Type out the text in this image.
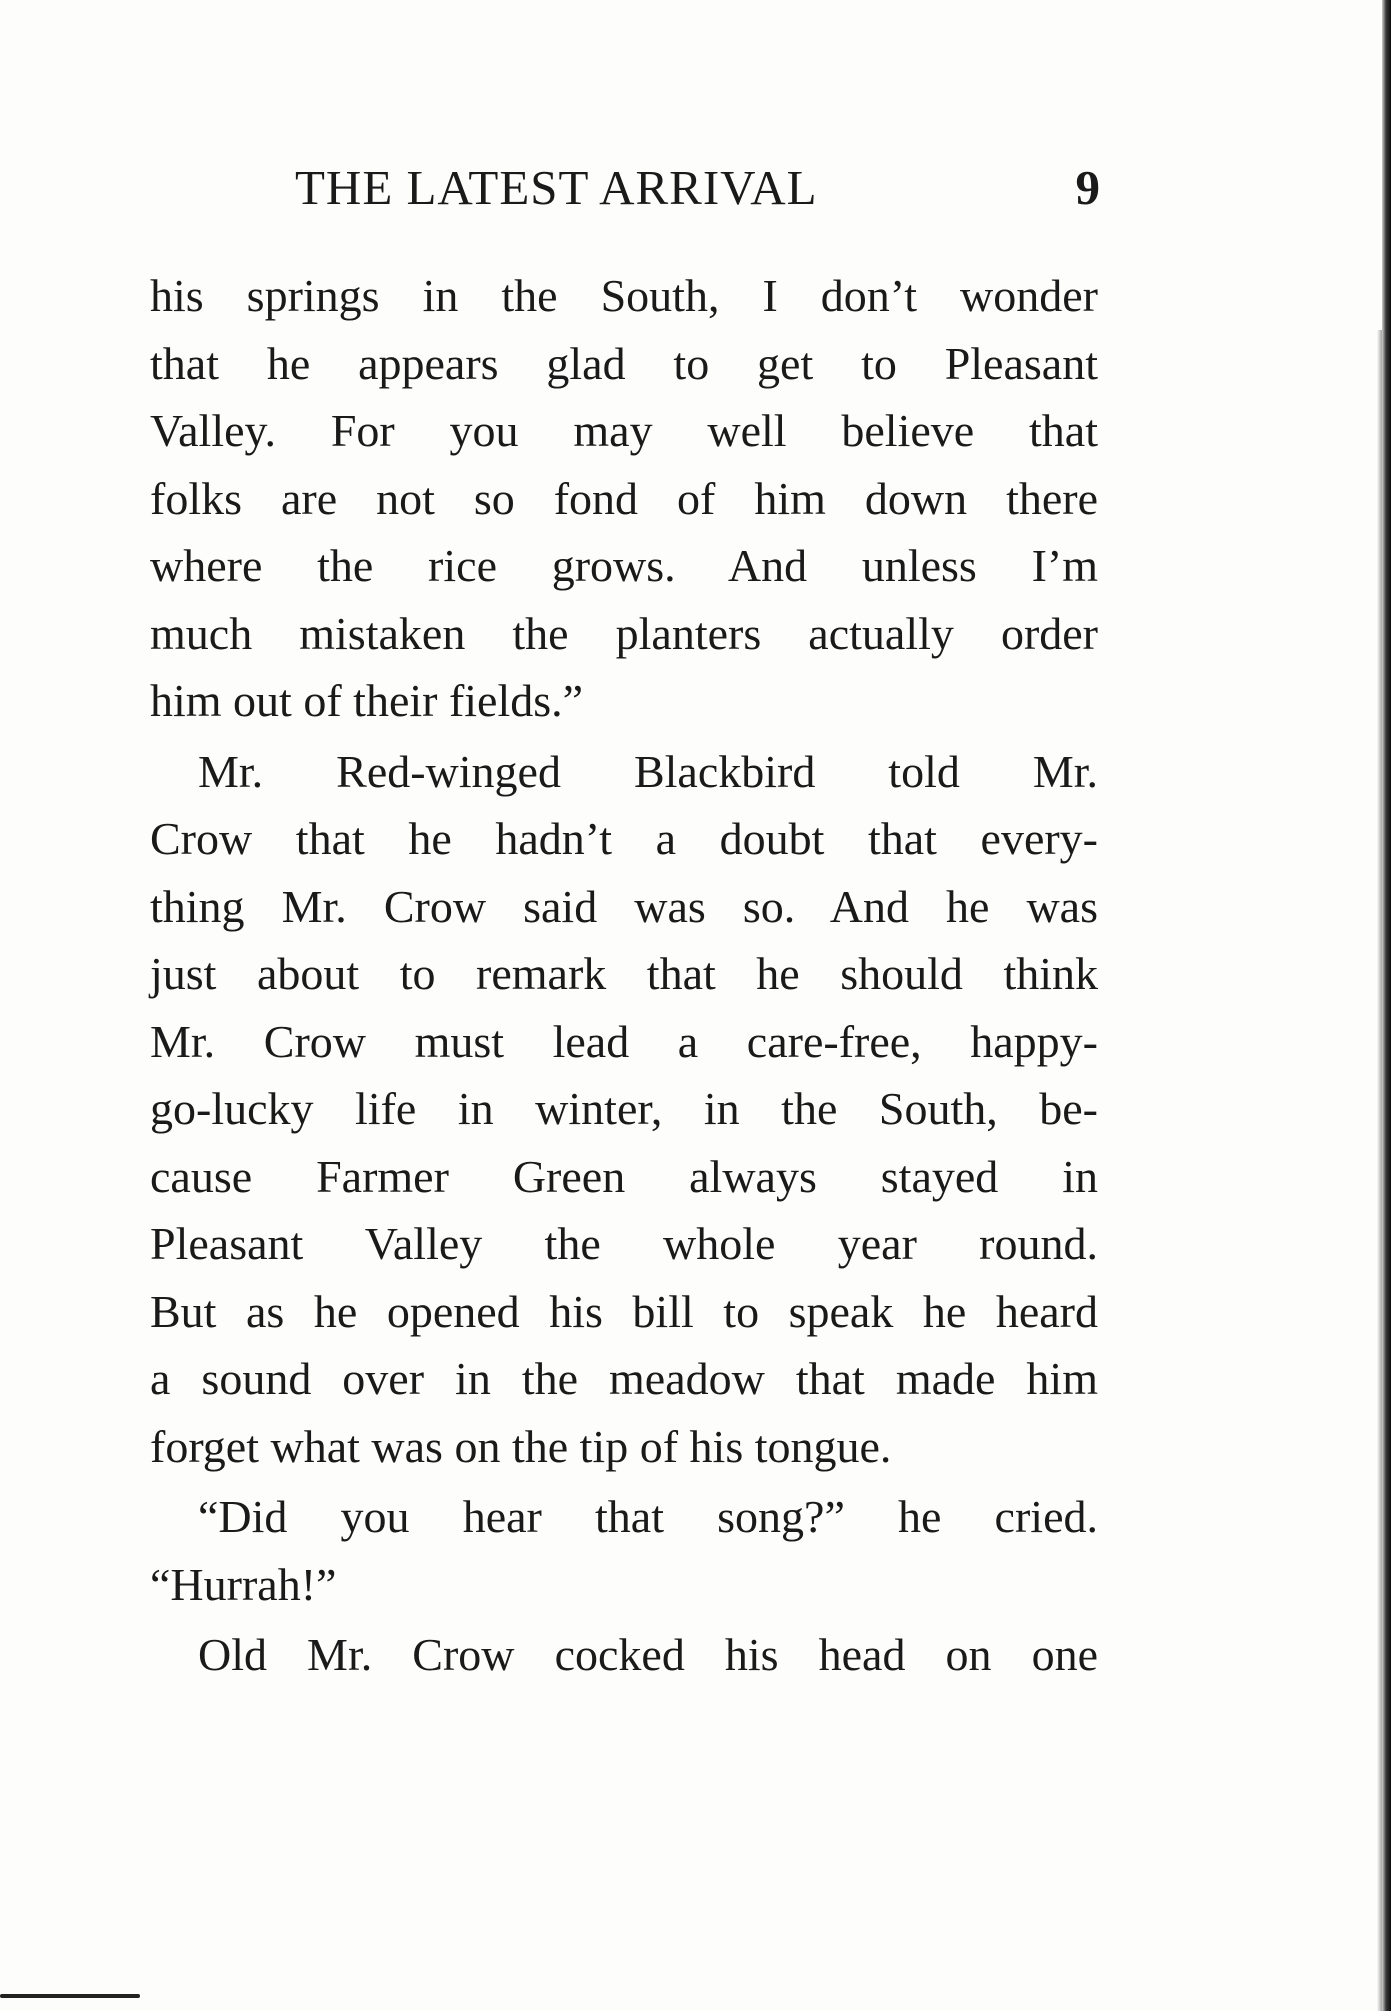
THE LATEST ARRIVAL	9
his springs in the South, I don’t wonder
that he appears glad to get to Pleasant
Valley. For you may well believe that
folks are not so fond of him down there
where the rice grows. And unless I’m
much mistaken the planters actually order
him out of their fields.”
Mr. Red-winged Blackbird told Mr.
Crow that he hadn’t a doubt that every-
thing Mr. Crow said was so. And he was
just about to remark that he should think
Mr. Crow must lead a care-free, happy-
go-lucky life in winter, in the South, be-
cause Farmer Green always stayed in
Pleasant Valley the whole year round.
But as he opened his bill to speak he heard
a sound over in the meadow that made him
forget what was on the tip of his tongue.
“Did you hear that song?” he cried.
“Hurrah!”
Old Mr. Crow cocked his head on one
